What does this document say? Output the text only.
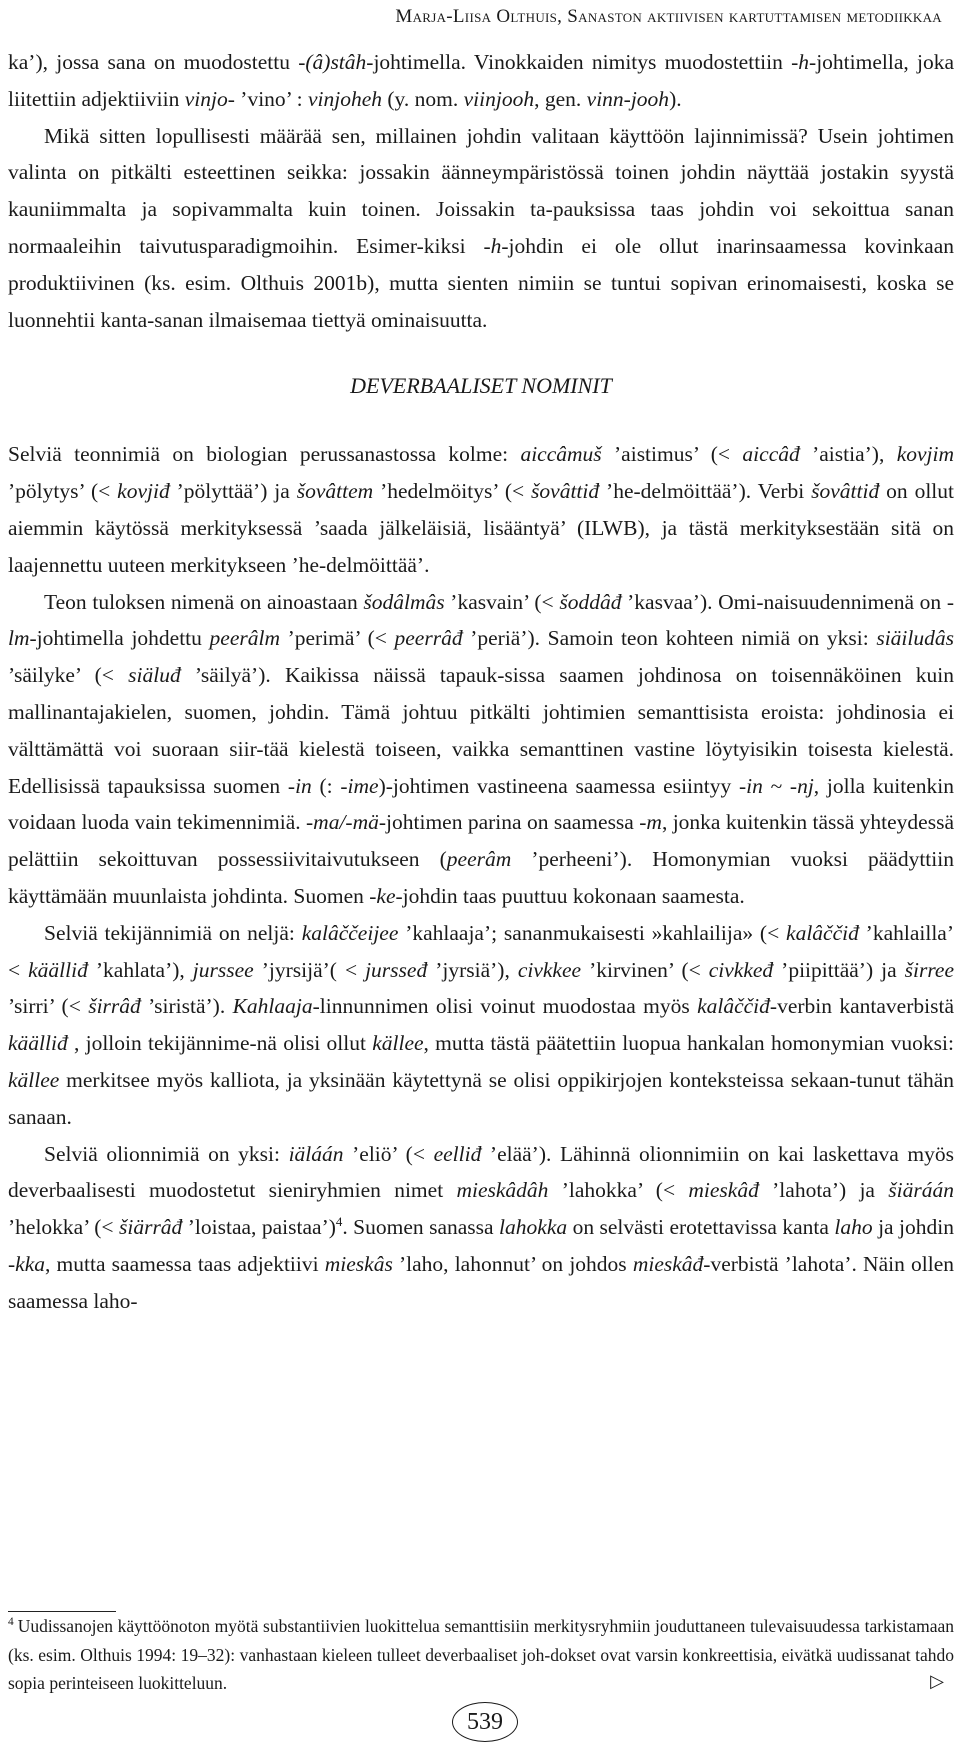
Marja-Liisa Olthuis, Sanaston aktiivisen kartuttamisen metodiikkaa

ka’), jossa sana on muodostettu -(â)stâh-johtimella. Vinokkaiden nimitys muodostettiin -h-johtimella, joka liitettiin adjektiiviin vinjo- ’vino’ : vinjoheh (y. nom. viinjooh, gen. vinn-jooh).

Mikä sitten lopullisesti määrää sen, millainen johdin valitaan käyttöön lajinnimissä? Usein johtimen valinta on pitkälti esteettinen seikka: jossakin äänneympäristössä toinen johdin näyttää jostakin syystä kauniimmalta ja sopivammalta kuin toinen. Joissakin ta-pauksissa taas johdin voi sekoittua sanan normaaleihin taivutusparadigmoihin. Esimer-kiksi -h-johdin ei ole ollut inarinsaamessa kovinkaan produktiivinen (ks. esim. Olthuis 2001b), mutta sienten nimiin se tuntui sopivan erinomaisesti, koska se luonnehtii kanta-sanan ilmaisemaa tiettyä ominaisuutta.

DEVERBAALISET NOMINIT

Selviä teonnimiä on biologian perussanastossa kolme: aiccâmuš ’aistimus’ (< aiccâđ ’aistia’), kovjim ’pölytys’ (< kovjiđ ’pölyttää’) ja šovâttem ’hedelmöitys’ (< šovâttiđ ’he-delmöittää’). Verbi šovâttiđ on ollut aiemmin käytössä merkityksessä ’saada jälkeläisiä, lisääntyä’ (ILWB), ja tästä merkityksestään sitä on laajennettu uuteen merkitykseen ’he-delmöittää’.

Teon tuloksen nimenä on ainoastaan šodâlmâs ’kasvain’ (< šoddâđ ’kasvaa’). Omi-naisuudennimenä on -lm-johtimella johdettu peerâlm ’perimä’ (< peerrâđ ’periä’). Samoin teon kohteen nimiä on yksi: siäiludâs ’säilyke’ (< siäluđ ’säilyä’). Kaikissa näissä tapauk-sissa saamen johdinosa on toisennäköinen kuin mallinantajakielen, suomen, johdin. Tämä johtuu pitkälti johtimien semanttisista eroista: johdinosia ei välttämättä voi suoraan siir-tää kielestä toiseen, vaikka semanttinen vastine löytyisikin toisesta kielestä. Edellisissä tapauksissa suomen -in (: -ime)-johtimen vastineena saamessa esiintyy -in ~ -nj, jolla kuitenkin voidaan luoda vain tekimennimiä. -ma/-mä-johtimen parina on saamessa -m, jonka kuitenkin tässä yhteydessä pelättiin sekoittuvan possessiivitaivutukseen (peerâm ’perheeni’). Homonymian vuoksi päädyttiin käyttämään muunlaista johdinta. Suomen -ke-johdin taas puuttuu kokonaan saamesta.

Selviä tekijännimiä on neljä: kalâččeijee ’kahlaaja’; sananmukaisesti »kahlailija» (< kalâččiđ ’kahlailla’ < käälliđ ’kahlata’), jurssee ’jyrsijä’( < jursseđ ’jyrsiä’), civkkee ’kirvinen’ (< civkkeđ ’piipittää’) ja širree ’sirri’ (< širrâđ ’siristä’). Kahlaaja-linnunnimen olisi voinut muodostaa myös kalâččiđ-verbin kantaverbistä käälliđ , jolloin tekijännime-nä olisi ollut källee, mutta tästä päätettiin luopua hankalan homonymian vuoksi: källee merkitsee myös kalliota, ja yksinään käytettynä se olisi oppikirjojen konteksteissa sekaan-tunut tähän sanaan.

Selviä olionnimiä on yksi: iäláán ’eliö’ (< eelliđ ’elää’). Lähinnä olionnimiin on kai laskettava myös deverbaalisesti muodostetut sieniryhmien nimet mieskâdâh ’lahokka’ (< mieskâđ ’lahota’) ja šiäráán ’helokka’ (< šiärrâđ ’loistaa, paistaa’)$^4$. Suomen sanassa lahokka on selvästi erotettavissa kanta laho ja johdin -kka, mutta saamessa taas adjektiivi mieskâs ’laho, lahonnut’ on johdos mieskâđ-verbistä ’lahota’. Näin ollen saamessa laho-

$^4$ Uudissanojen käyttöönoton myötä substantiivien luokittelua semanttisiin merkitysryhmiin jouduttaneen tulevaisuudessa tarkistamaan (ks. esim. Olthuis 1994: 19–32): vanhastaan kieleen tulleet deverbaaliset joh-dokset ovat varsin konkreettisia, eivätkä uudissanat tahdo sopia perinteiseen luokitteluun.	▷
539
